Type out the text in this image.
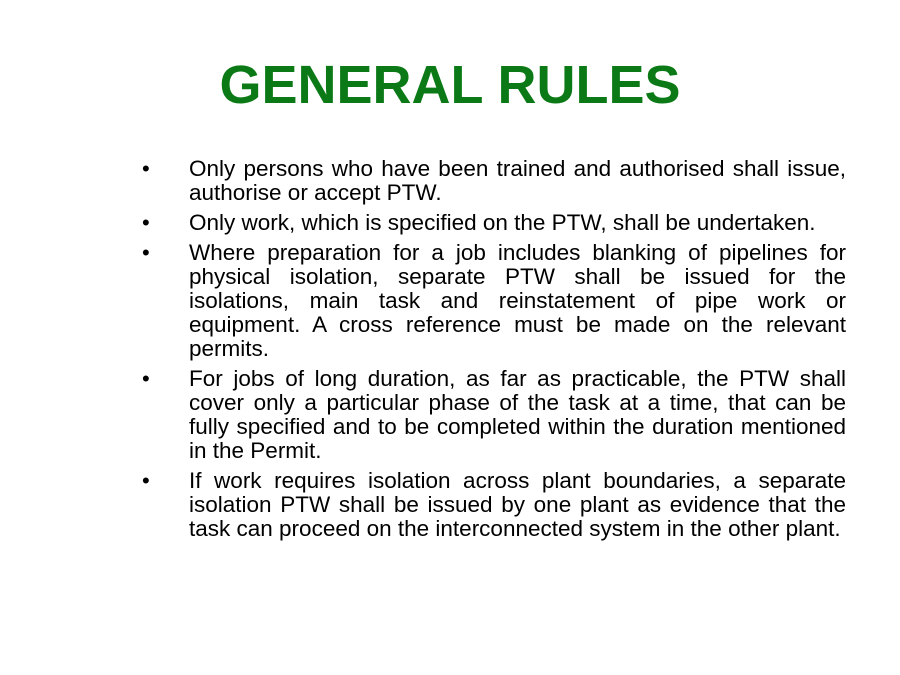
GENERAL RULES
• Only persons who have been trained and authorised shall issue, authorise or accept PTW.
• Only work, which is specified on the PTW, shall be undertaken.
• Where preparation for a job includes blanking of pipelines for physical isolation, separate PTW shall be issued for the isolations, main task and reinstatement of pipe work or equipment. A cross reference must be made on the relevant permits.
• For jobs of long duration, as far as practicable, the PTW shall cover only a particular phase of the task at a time, that can be fully specified and to be completed within the duration mentioned in the Permit.
• If work requires isolation across plant boundaries, a separate isolation PTW shall be issued by one plant as evidence that the task can proceed on the interconnected system in the other plant.
